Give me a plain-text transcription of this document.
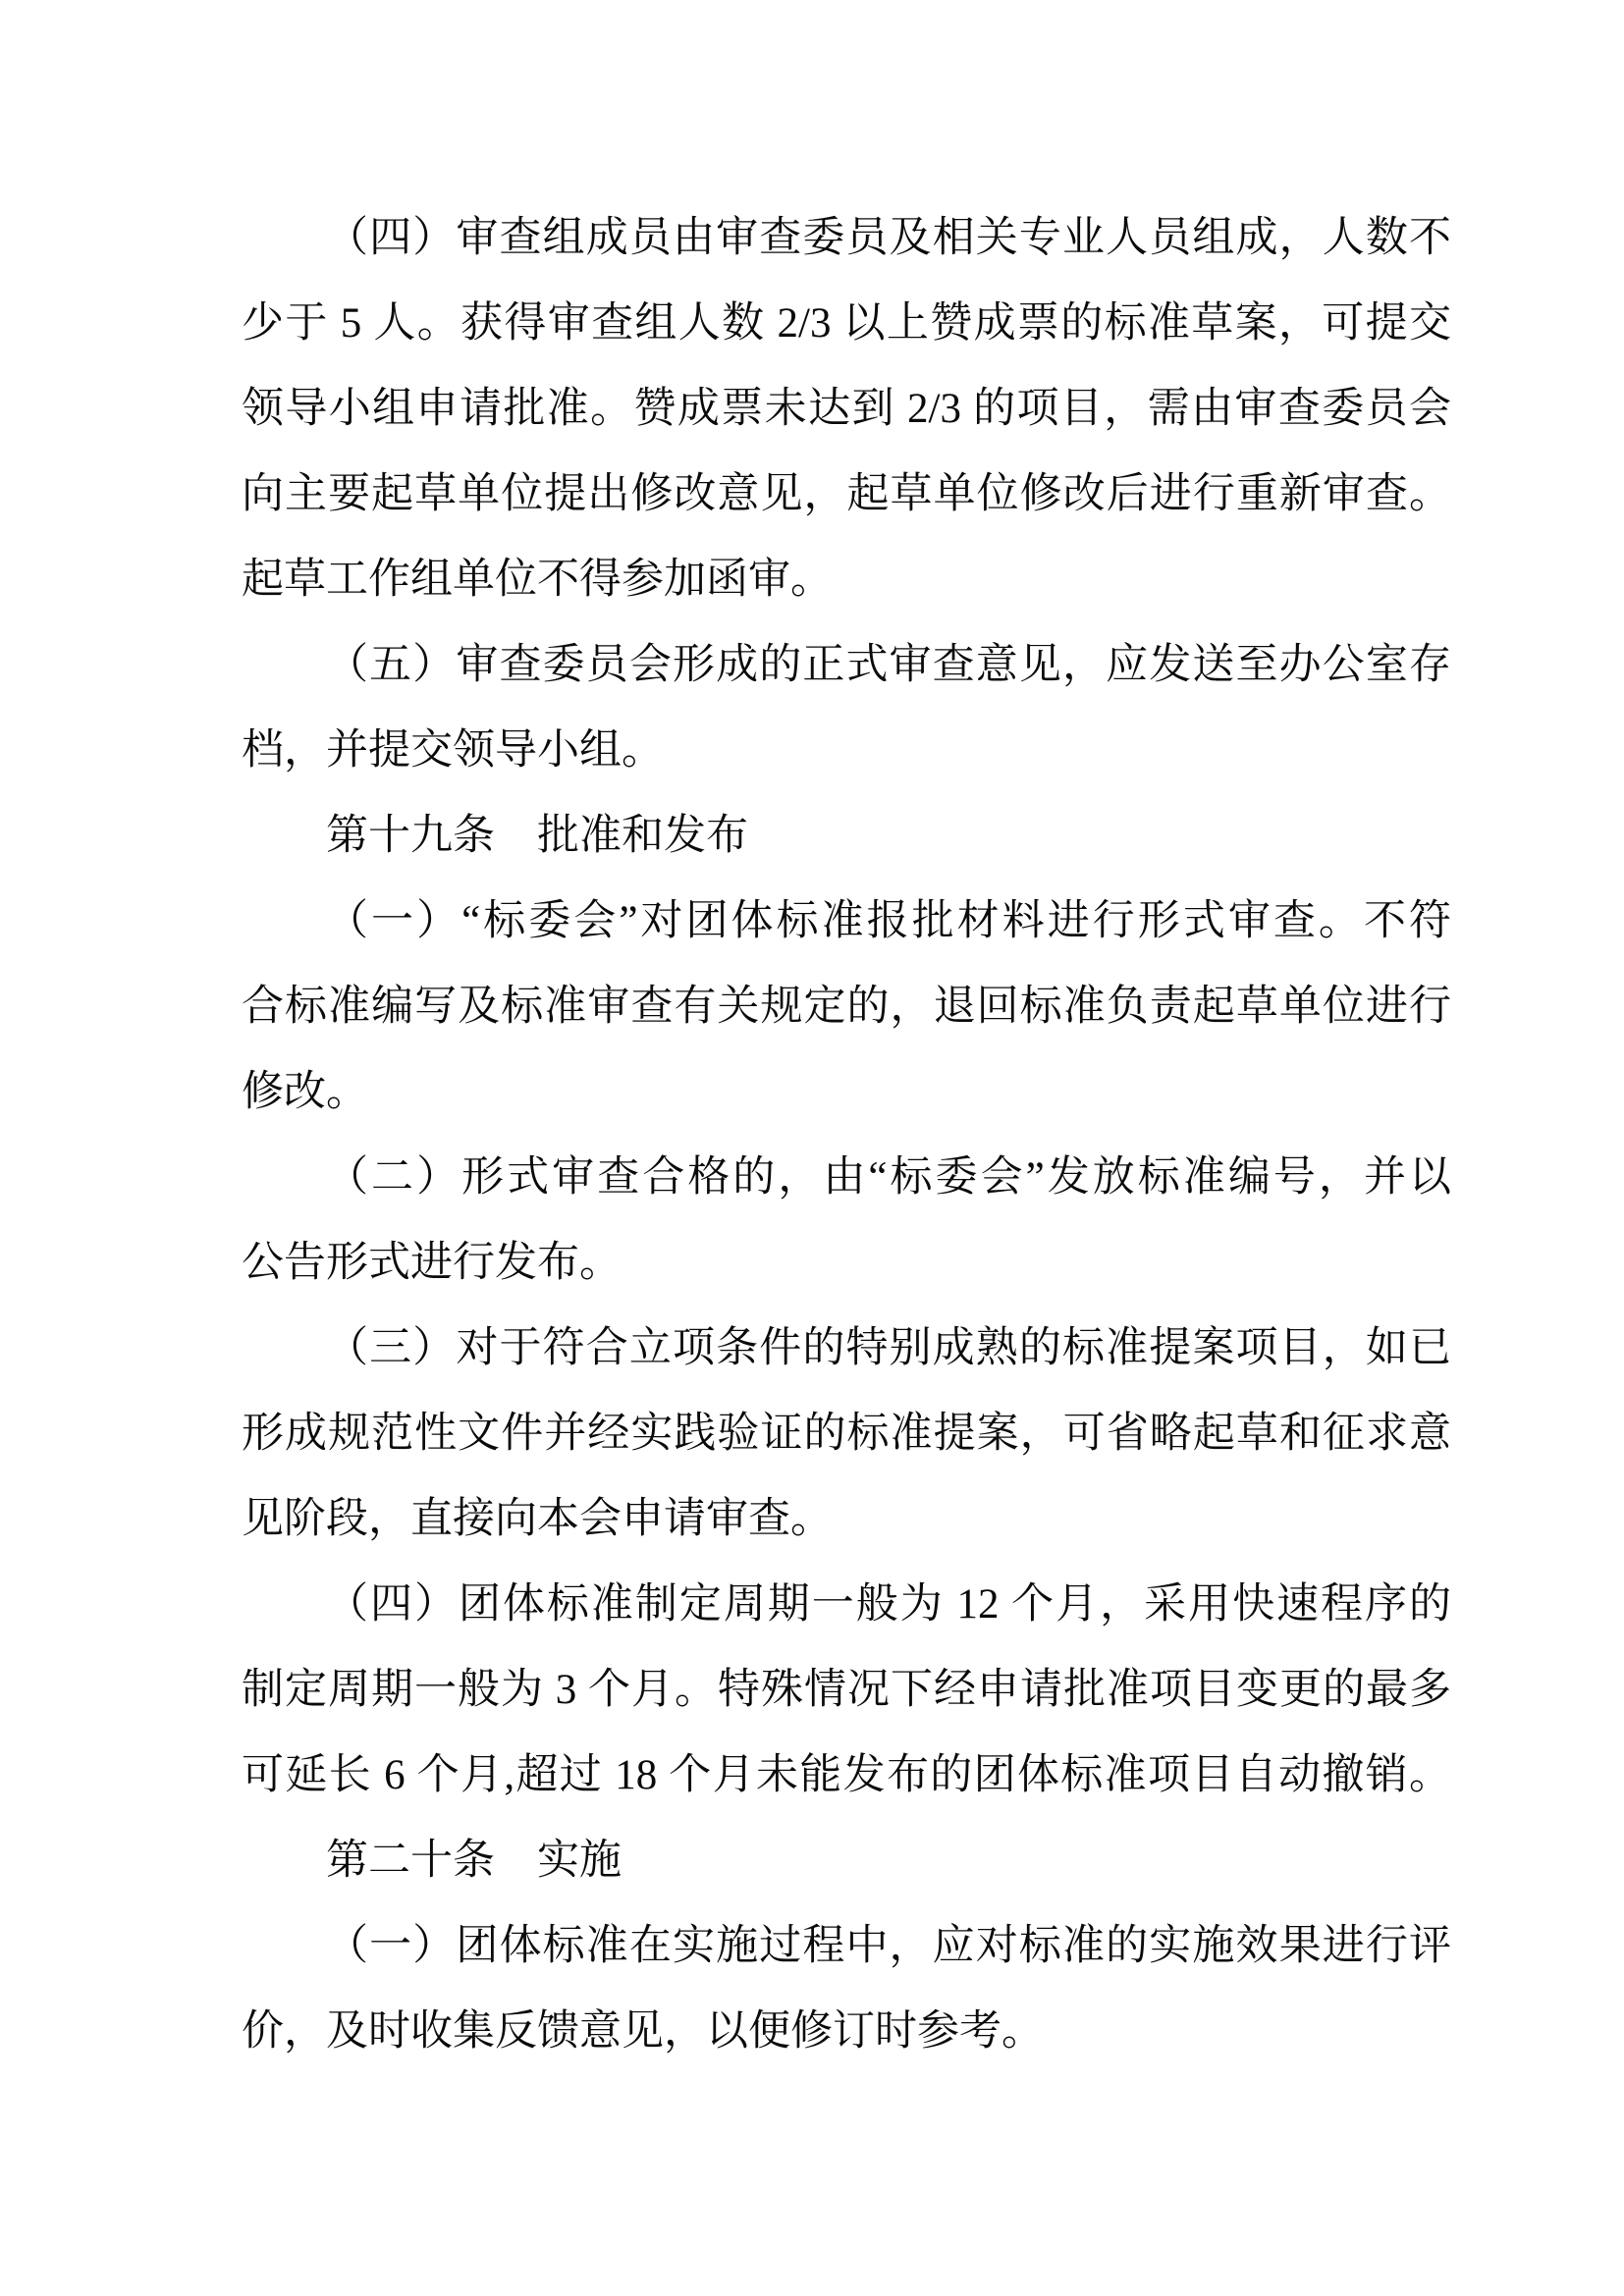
（四）审查组成员由审查委员及相关专业人员组成，人数不
少于 5 人。获得审查组人数 2/3 以上赞成票的标准草案，可提交
领导小组申请批准。赞成票未达到 2/3 的项目，需由审查委员会
向主要起草单位提出修改意见，起草单位修改后进行重新审查。
起草工作组单位不得参加函审。
（五）审查委员会形成的正式审查意见，应发送至办公室存
档，并提交领导小组。
第十九条　批准和发布
（一）“标委会”对团体标准报批材料进行形式审查。不符
合标准编写及标准审查有关规定的，退回标准负责起草单位进行
修改。
（二）形式审查合格的，由“标委会”发放标准编号，并以
公告形式进行发布。
（三）对于符合立项条件的特别成熟的标准提案项目，如已
形成规范性文件并经实践验证的标准提案，可省略起草和征求意
见阶段，直接向本会申请审查。
（四）团体标准制定周期一般为 12 个月，采用快速程序的
制定周期一般为 3 个月。特殊情况下经申请批准项目变更的最多
可延长 6 个月,超过 18 个月未能发布的团体标准项目自动撤销。
第二十条　实施
（一）团体标准在实施过程中，应对标准的实施效果进行评
价，及时收集反馈意见，以便修订时参考。
